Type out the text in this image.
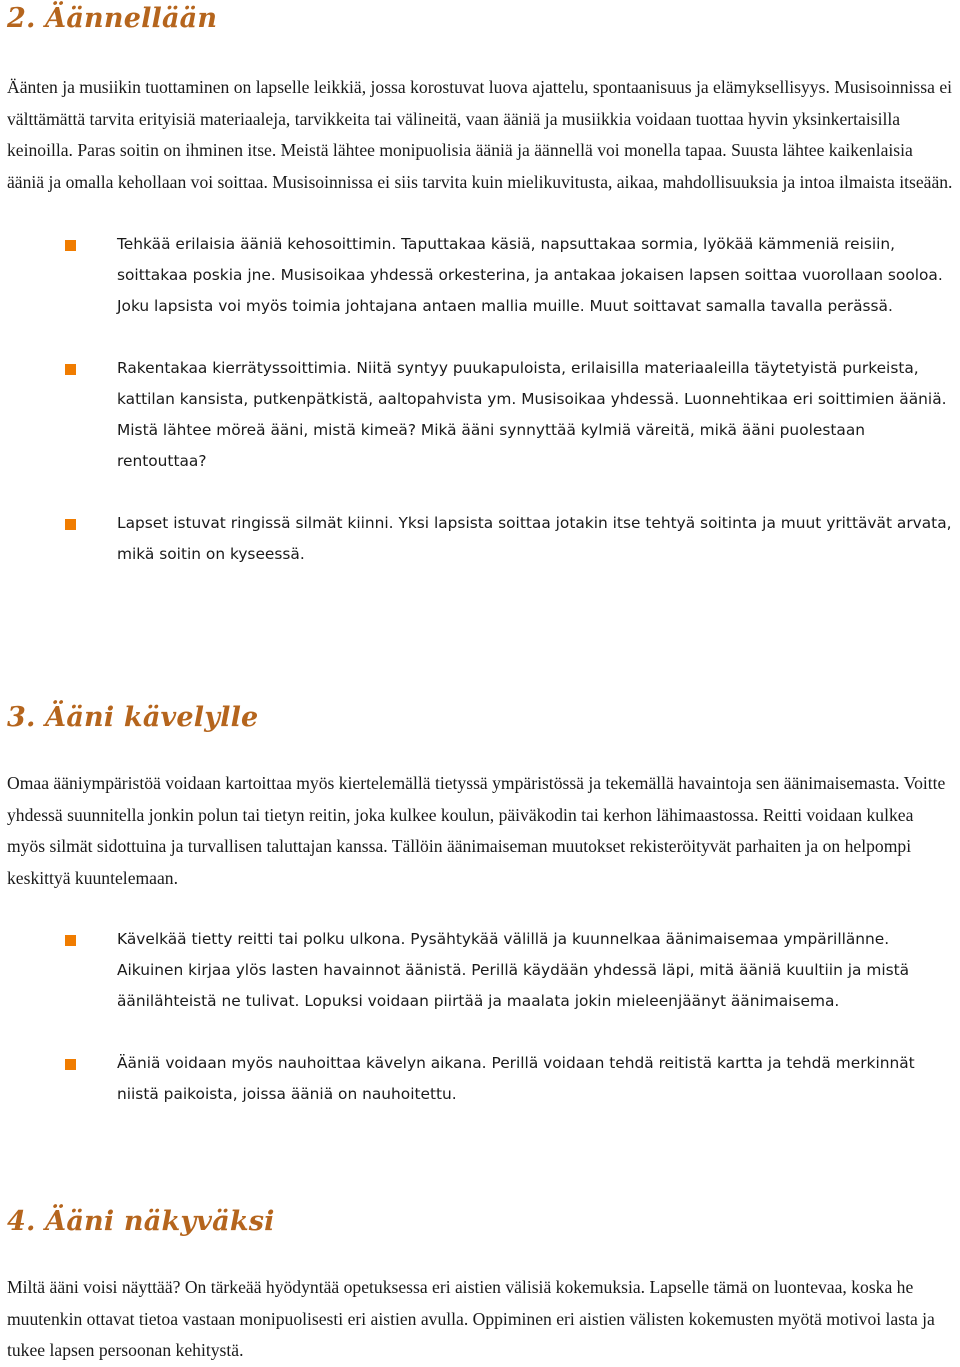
2. Äännellään

Äänten ja musiikin tuottaminen on lapselle leikkiä, jossa korostuvat luova ajattelu, spontaanisuus ja elämyksellisyys. Musisoinnissa ei välttämättä tarvita erityisiä materiaaleja, tarvikkeita tai välineitä, vaan ääniä ja musiikkia voidaan tuottaa hyvin yksinkertaisilla keinoilla. Paras soitin on ihminen itse. Meistä lähtee monipuolisia ääniä ja äännellä voi monella tapaa. Suusta lähtee kaikenlaisia ääniä ja omalla kehollaan voi soittaa. Musisoinnissa ei siis tarvita kuin mielikuvitusta, aikaa, mahdollisuuksia ja intoa ilmaista itseään.

Tehkää erilaisia ääniä kehosoittimin. Taputtakaa käsiä, napsuttakaa sormia, lyökää kämmeniä reisiin, soittakaa poskia jne. Musisoikaa yhdessä orkesterina, ja antakaa jokaisen lapsen soittaa vuorollaan sooloa. Joku lapsista voi myös toimia johtajana antaen mallia muille. Muut soittavat samalla tavalla perässä.
Rakentakaa kierrätyssoittimia. Niitä syntyy puukapuloista, erilaisilla materiaaleilla täytetyistä purkeista, kattilan kansista, putkenpätkistä, aaltopahvista ym. Musisoikaa yhdessä. Luonnehtikaa eri soittimien ääniä. Mistä lähtee möreä ääni, mistä kimeä? Mikä ääni synnyttää kylmiä väreitä, mikä ääni puolestaan rentouttaa?
Lapset istuvat ringissä silmät kiinni. Yksi lapsista soittaa jotakin itse tehtyä soitinta ja muut yrittävät arvata, mikä soitin on kyseessä.
3. Ääni kävelylle

Omaa ääniympäristöä voidaan kartoittaa myös kiertelemällä tietyssä ympäristössä ja tekemällä havaintoja sen äänimaisemasta. Voitte yhdessä suunnitella jonkin polun tai tietyn reitin, joka kulkee koulun, päiväkodin tai kerhon lähimaastossa. Reitti voidaan kulkea myös silmät sidottuina ja turvallisen taluttajan kanssa. Tällöin äänimaiseman muutokset rekisteröityvät parhaiten ja on helpompi keskittyä kuuntelemaan.

Kävelkää tietty reitti tai polku ulkona. Pysähtykää välillä ja kuunnelkaa äänimaisemaa ympärillänne. Aikuinen kirjaa ylös lasten havainnot äänistä. Perillä käydään yhdessä läpi, mitä ääniä kuultiin ja mistä äänilähteistä ne tulivat. Lopuksi voidaan piirtää ja maalata jokin mieleenjäänyt äänimaisema.
Ääniä voidaan myös nauhoittaa kävelyn aikana. Perillä voidaan tehdä reitistä kartta ja tehdä merkinnät niistä paikoista, joissa ääniä on nauhoitettu.
4. Ääni näkyväksi

Miltä ääni voisi näyttää? On tärkeää hyödyntää opetuksessa eri aistien välisiä kokemuksia. Lapselle tämä on luontevaa, koska he muutenkin ottavat tietoa vastaan monipuolisesti eri aistien avulla. Oppiminen eri aistien välisten kokemusten myötä motivoi lasta ja tukee lapsen persoonan kehitystä.
